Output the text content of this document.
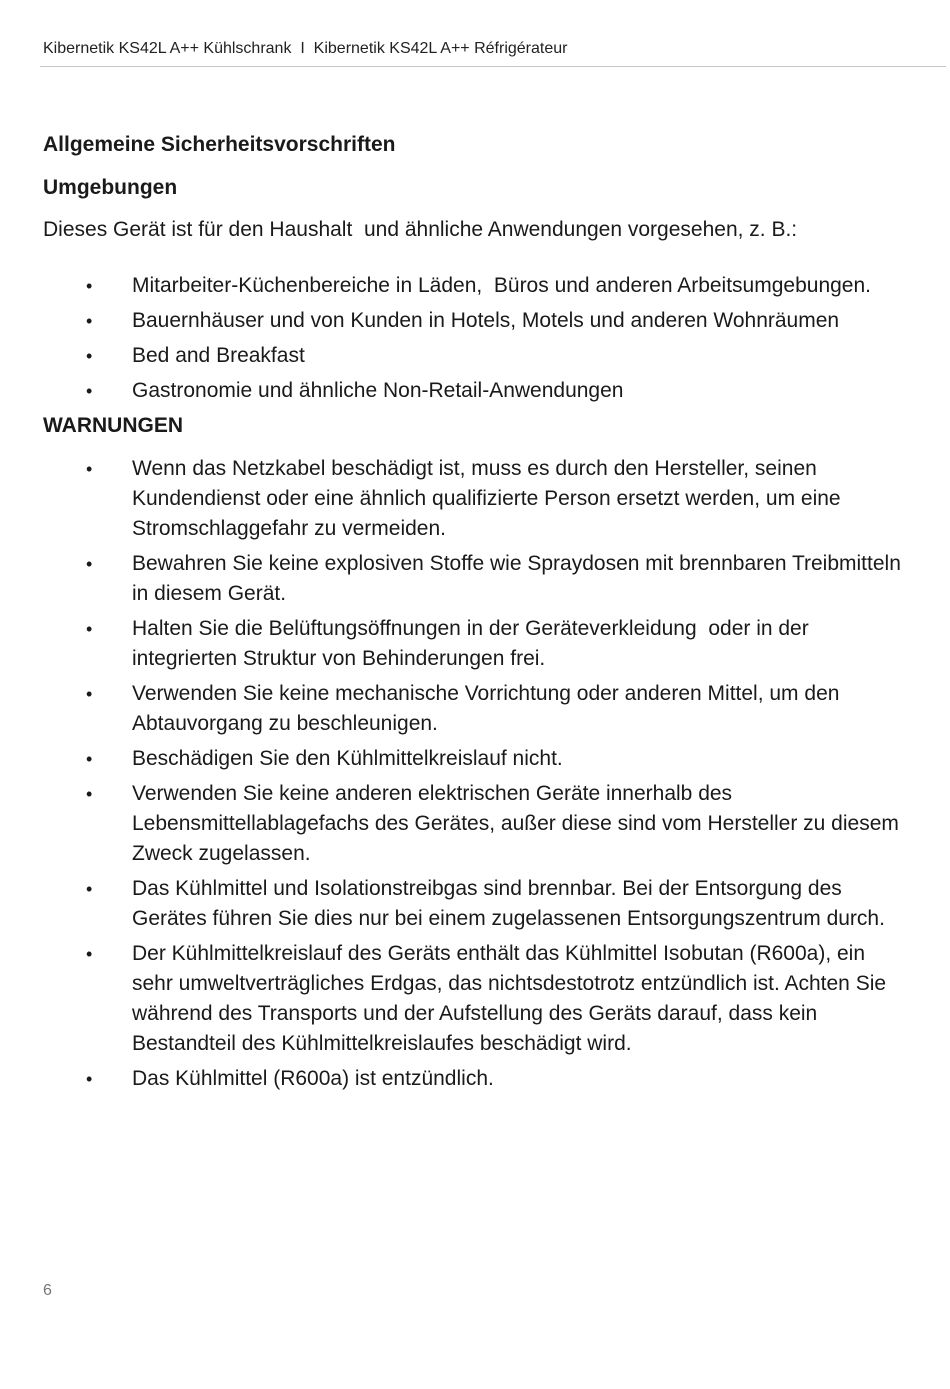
Kibernetik KS42L A++ Kühlschrank  I  Kibernetik KS42L A++ Réfrigérateur
Allgemeine Sicherheitsvorschriften
Umgebungen

Dieses Gerät ist für den Haushalt  und ähnliche Anwendungen vorgesehen, z. B.:

• Mitarbeiter-Küchenbereiche in Läden,  Büros und anderen Arbeitsumgebungen.
• Bauernhäuser und von Kunden in Hotels, Motels und anderen Wohnräumen
• Bed and Breakfast
• Gastronomie und ähnliche Non-Retail-Anwendungen
WARNUNGEN
• Wenn das Netzkabel beschädigt ist, muss es durch den Hersteller, seinen Kundendienst oder eine ähnlich qualifizierte Person ersetzt werden, um eine Stromschlaggefahr zu vermeiden.
• Bewahren Sie keine explosiven Stoffe wie Spraydosen mit brennbaren Treibmitteln in diesem Gerät.
• Halten Sie die Belüftungsöffnungen in der Geräteverkleidung  oder in der integrierten Struktur von Behinderungen frei.
• Verwenden Sie keine mechanische Vorrichtung oder anderen Mittel, um den Abtauvorgang zu beschleunigen.
• Beschädigen Sie den Kühlmittelkreislauf nicht.
• Verwenden Sie keine anderen elektrischen Geräte innerhalb des Lebensmittellablagefachs des Gerätes, außer diese sind vom Hersteller zu diesem Zweck zugelassen.
• Das Kühlmittel und Isolationstreibgas sind brennbar. Bei der Entsorgung des Gerätes führen Sie dies nur bei einem zugelassenen Entsorgungszentrum durch.
• Der Kühlmittelkreislauf des Geräts enthält das Kühlmittel Isobutan (R600a), ein sehr umweltverträgliches Erdgas, das nichtsdestotrotz entzündlich ist. Achten Sie während des Transports und der Aufstellung des Geräts darauf, dass kein Bestandteil des Kühlmittelkreislaufes beschädigt wird.
• Das Kühlmittel (R600a) ist entzündlich.
6
